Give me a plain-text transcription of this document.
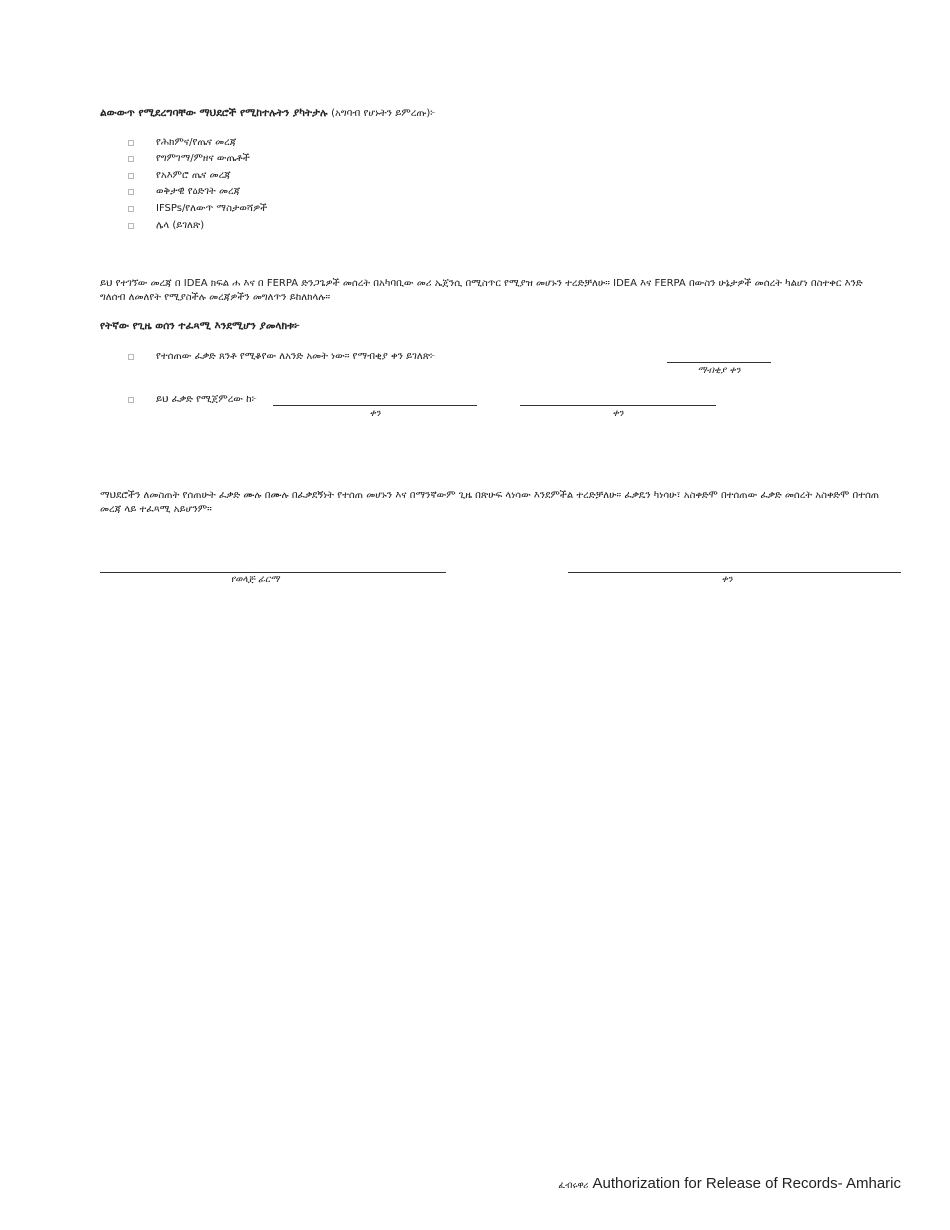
ልውውጥ የሚደረግባቸው ማህደሮች የሚከተሉትን ያካትታሉ (አግባብ የሆኑትን ይምረጡ)፦
የሕክምና/የጤና መረጃ
የግምገማ/ምዘና ውጤቶች
የአእምሮ ጤና መረጃ
ወቅታዊ የዕድገት መረጃ
IFSPs/የለውጥ ማስታወሻዎች
ሌላ (ይገለጽ)
ይህ የተገኘው መረጃ በ IDEA ክፍል ሐ እና በ FERPA ድንጋጌዎች መሰረት በአካባቢው መሪ ኤጀንሲ በሚስጥር የሚያዝ መሆኑን ተረድቻለሁ። IDEA እና FERPA በውስን ሁኔታዎች መሰረት ካልሆነ በስተቀር እንድ ግለሰብ ለመለየት የሚያስችሉ መረጃዎችን መግለጥን ይከለክላሉ።
የትኛው የጊዜ ወሰን ተፈጻሚ እንደሚሆን ያመላክቱ፦
የተሰጠው ፈቃድ ጸንቶ የሚቆየው ለአንድ አመት ነው። የማብቂያ ቀን ይገለጽ፦
ማብቂያ ቀን
ይህ ፈቃድ የሚጀምረው ከ፦
ቀን	ቀን
ማህደሮችን ለመስጠት የሰጠሁት ፈቃድ ሙሉ በሙሉ በፈቃደኝነት የተሰጠ መሆኑን እና በማንኛውም ጊዜ በጽሁፍ ላነሳው እንደምችል ተረድቻለሁ። ፈቃዴን ካነሳሁ፣ አስቀድሞ በተሰጠው ፈቃድ መሰረት አስቀድሞ በተሰጠ መረጃ ላይ ተፈጻሚ አይሆንም።
የወላጅ ፊርማ	ቀን
ፈብሩዋሪ Authorization for Release of Records- Amharic
